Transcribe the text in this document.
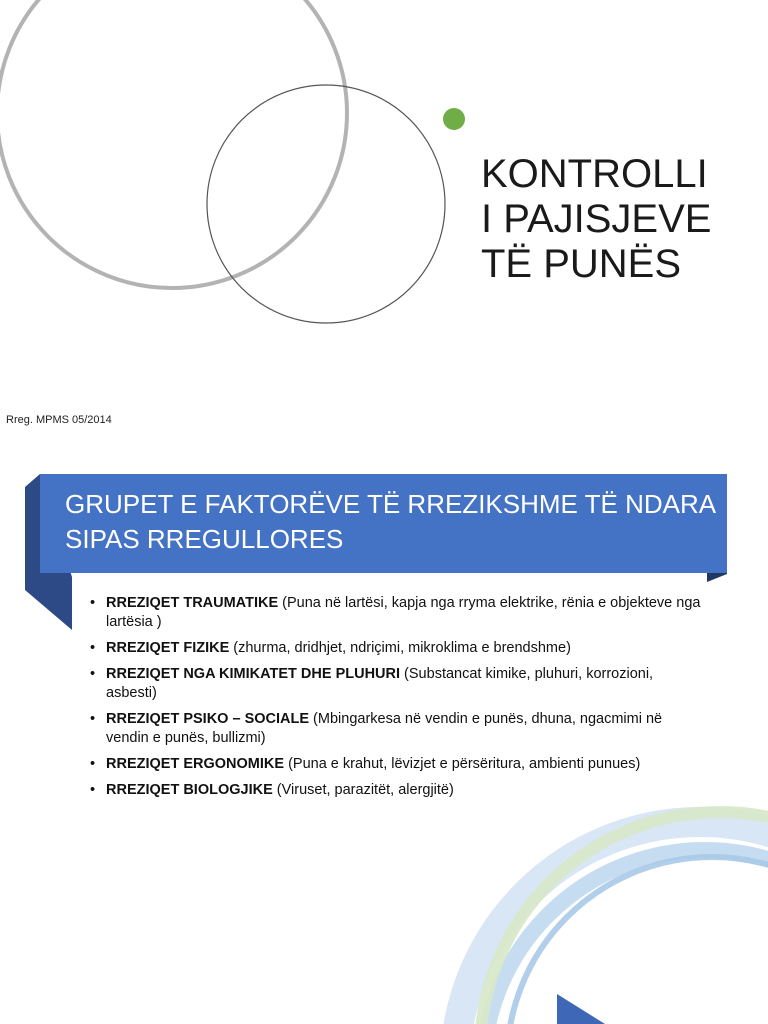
KONTROLLI
I PAJISJEVE
TË PUNËS
Rreg. MPMS 05/2014
GRUPET E FAKTORËVE TË RREZIKSHME TË NDARA SIPAS RREGULLORES
• RREZIQET TRAUMATIKE (Puna në lartësi, kapja nga rryma elektrike, rënia e objekteve nga lartësia )
• RREZIQET FIZIKE (zhurma, dridhjet, ndriçimi, mikroklima e brendshme)
• RREZIQET NGA KIMIKATET DHE PLUHURI (Substancat kimike, pluhuri, korrozioni, asbesti)
• RREZIQET PSIKO – SOCIALE (Mbingarkesa në vendin e punës, dhuna, ngacmimi në vendin e punës, bullizmi)
• RREZIQET ERGONOMIKE (Puna e krahut, lëvizjet e përsëritura, ambienti punues)
• RREZIQET BIOLOGJIKE (Viruset, parazitët, alergjitë)
